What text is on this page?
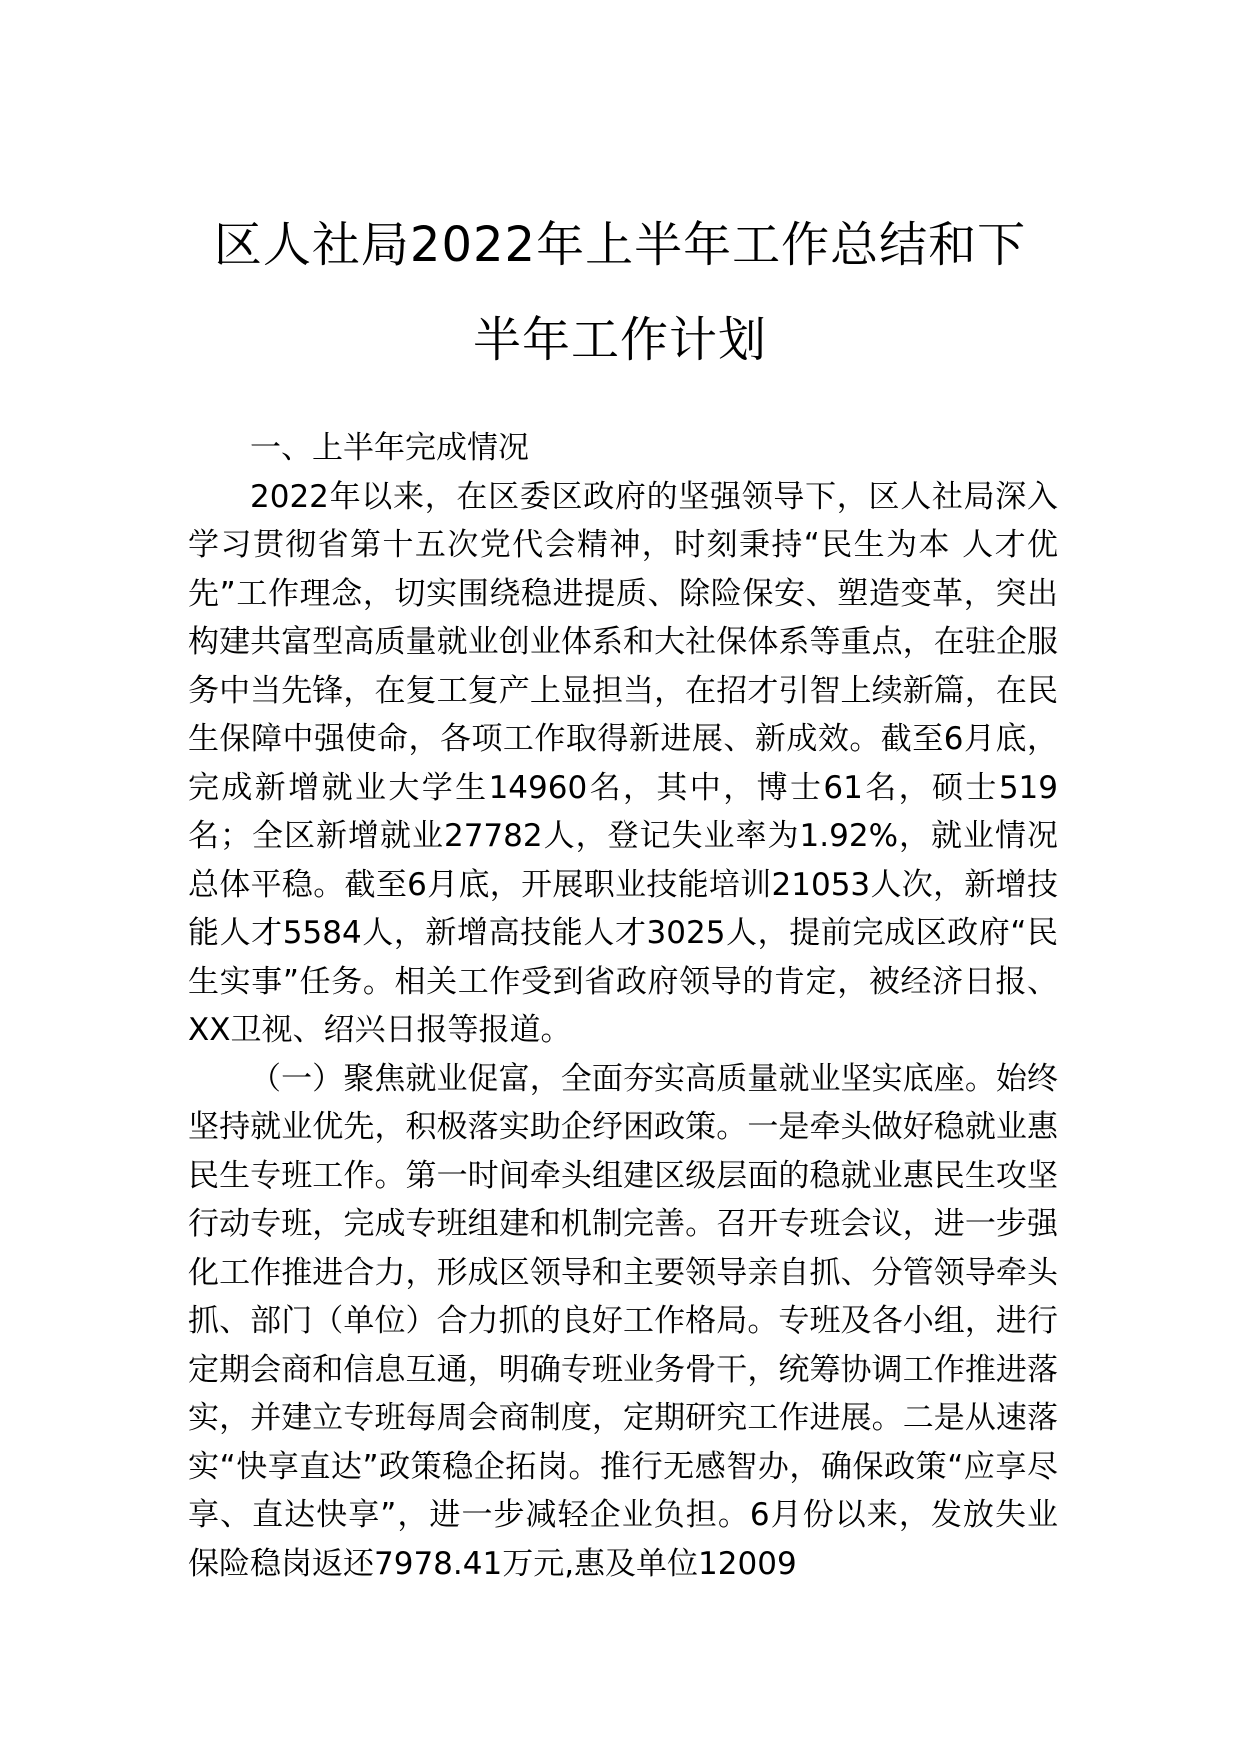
区人社局2022年上半年工作总结和下
半年工作计划

一、上半年完成情况

2022年以来，在区委区政府的坚强领导下，区人社局深入学习贯彻省第十五次党代会精神，时刻秉持“民生为本 人才优先”工作理念，切实围绕稳进提质、除险保安、塑造变革，突出构建共富型高质量就业创业体系和大社保体系等重点，在驻企服务中当先锋，在复工复产上显担当，在招才引智上续新篇，在民生保障中强使命，各项工作取得新进展、新成效。截至6月底，完成新增就业大学生14960名，其中，博士61名，硕士519名；全区新增就业27782人，登记失业率为1.92%，就业情况总体平稳。截至6月底，开展职业技能培训21053人次，新增技能人才5584人，新增高技能人才3025人，提前完成区政府“民生实事”任务。相关工作受到省政府领导的肯定，被经济日报、XX卫视、绍兴日报等报道。

（一）聚焦就业促富，全面夯实高质量就业坚实底座。始终坚持就业优先，积极落实助企纾困政策。一是牵头做好稳就业惠民生专班工作。第一时间牵头组建区级层面的稳就业惠民生攻坚行动专班，完成专班组建和机制完善。召开专班会议，进一步强化工作推进合力，形成区领导和主要领导亲自抓、分管领导牵头抓、部门（单位）合力抓的良好工作格局。专班及各小组，进行定期会商和信息互通，明确专班业务骨干，统筹协调工作推进落实，并建立专班每周会商制度，定期研究工作进展。二是从速落实“快享直达”政策稳企拓岗。推行无感智办，确保政策“应享尽享、直达快享”，进一步减轻企业负担。6月份以来，发放失业保险稳岗返还7978.41万元,惠及单位12009
